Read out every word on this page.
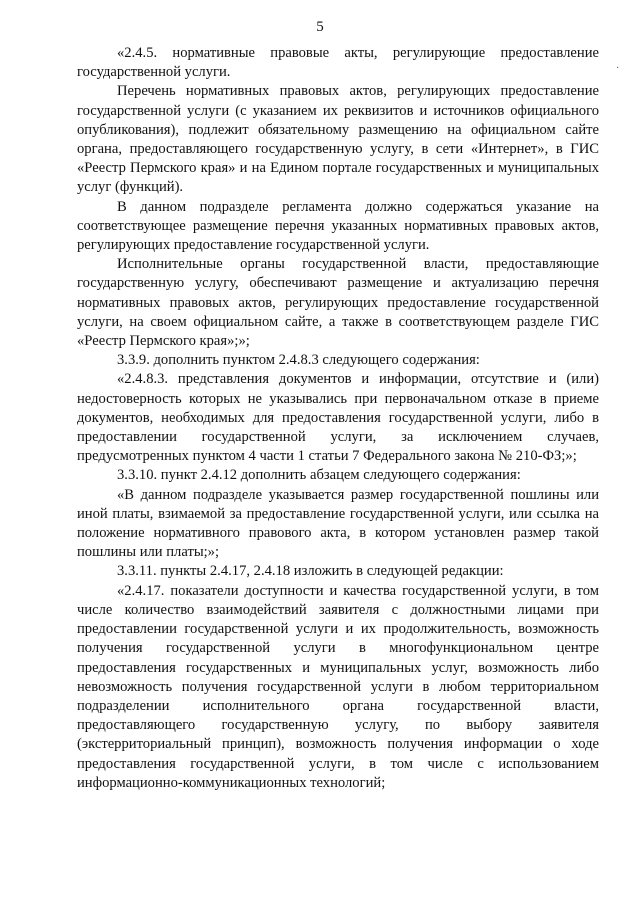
5
·

«2.4.5. нормативные правовые акты, регулирующие предоставление государственной услуги.

Перечень нормативных правовых актов, регулирующих предоставление государственной услуги (с указанием их реквизитов и источников официального опубликования), подлежит обязательному размещению на официальном сайте органа, предоставляющего государственную услугу, в сети «Интернет», в ГИС «Реестр Пермского края» и на Едином портале государственных и муниципальных услуг (функций).

В данном подразделе регламента должно содержаться указание на соответствующее размещение перечня указанных нормативных правовых актов, регулирующих предоставление государственной услуги.

Исполнительные органы государственной власти, предоставляющие государственную услугу, обеспечивают размещение и актуализацию перечня нормативных правовых актов, регулирующих предоставление государственной услуги, на своем официальном сайте, а также в соответствующем разделе ГИС «Реестр Пермского края»;»;

3.3.9. дополнить пунктом 2.4.8.3 следующего содержания:

«2.4.8.3. представления документов и информации, отсутствие и (или) недостоверность которых не указывались при первоначальном отказе в приеме документов, необходимых для предоставления государственной услуги, либо в предоставлении государственной услуги, за исключением случаев, предусмотренных пунктом 4 части 1 статьи 7 Федерального закона № 210-ФЗ;»;

3.3.10. пункт 2.4.12 дополнить абзацем следующего содержания:

«В данном подразделе указывается размер государственной пошлины или иной платы, взимаемой за предоставление государственной услуги, или ссылка на положение нормативного правового акта, в котором установлен размер такой пошлины или платы;»;

3.3.11. пункты 2.4.17, 2.4.18 изложить в следующей редакции:

«2.4.17. показатели доступности и качества государственной услуги, в том числе количество взаимодействий заявителя с должностными лицами при предоставлении государственной услуги и их продолжительность, возможность получения государственной услуги в многофункциональном центре предоставления государственных и муниципальных услуг, возможность либо невозможность получения государственной услуги в любом территориальном подразделении исполнительного органа государственной власти, предоставляющего государственную услугу, по выбору заявителя (экстерриториальный принцип), возможность получения информации о ходе предоставления государственной услуги, в том числе с использованием информационно-коммуникационных технологий;
